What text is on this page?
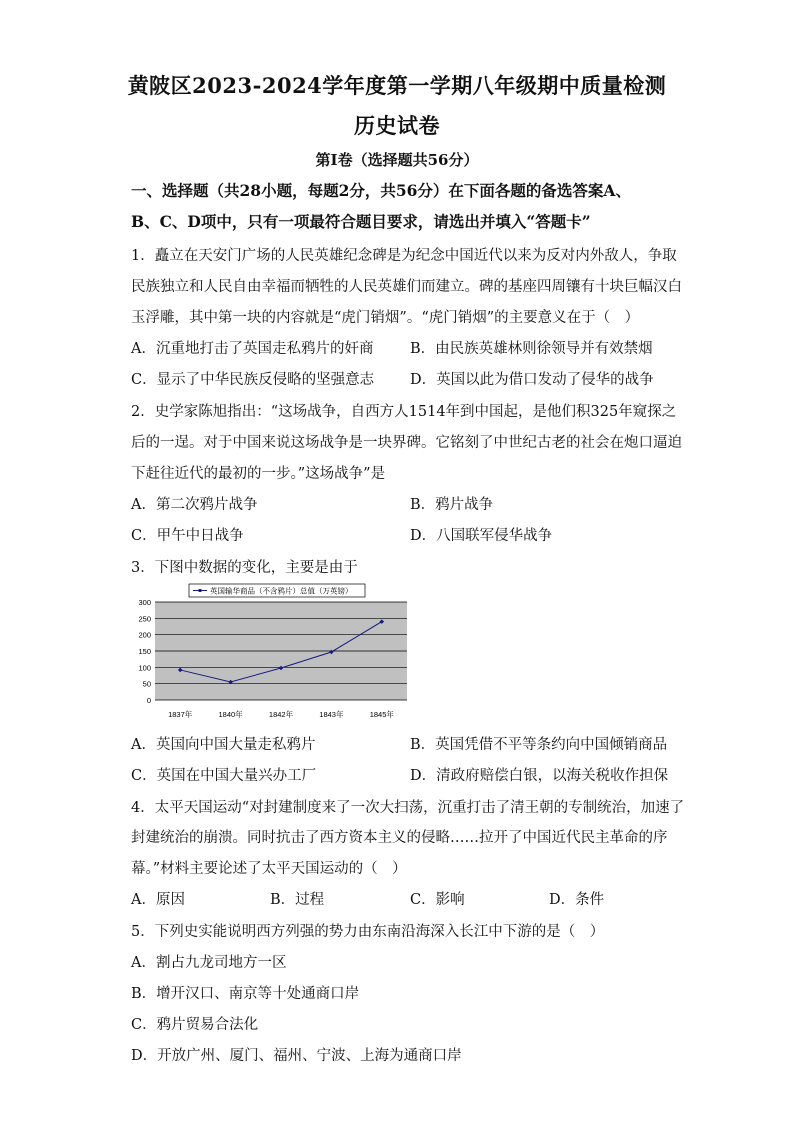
黄陂区2023-2024学年度第一学期八年级期中质量检测
历史试卷
第I卷（选择题共56分）
一、选择题（共28小题，每题2分，共56分）在下面各题的备选答案A、
B、C、D项中，只有一项最符合题目要求，请选出并填入“答题卡”
1．矗立在天安门广场的人民英雄纪念碑是为纪念中国近代以来为反对内外敌人，争取
民族独立和人民自由幸福而牺牲的人民英雄们而建立。碑的基座四周镶有十块巨幅汉白
玉浮雕，其中第一块的内容就是“虎门销烟”。“虎门销烟”的主要意义在于（　）
A．沉重地打击了英国走私鸦片的奸商	B．由民族英雄林则徐领导并有效禁烟
C．显示了中华民族反侵略的坚强意志 D．英国以此为借口发动了侵华的战争
2．史学家陈旭指出：“这场战争，自西方人1514年到中国起，是他们积325年窥探之
后的一逞。对于中国来说这场战争是一块界碑。它铭刻了中世纪古老的社会在炮口逼迫
下赶往近代的最初的一步。”这场战争”是
A．第二次鸦片战争	B．鸦片战争
C．甲午中日战争	D．八国联军侵华战争
3．下图中数据的变化，主要是由于
300
250
200
150
100
50
0
1837年	1840年	1842年	1843年	1845年
英国输华商品（不含鸦片）总值（万英镑）
A．英国向中国大量走私鸦片	B．英国凭借不平等条约向中国倾销商品
C．英国在中国大量兴办工厂	D．清政府赔偿白银，以海关税收作担保
4．太平天国运动“对封建制度来了一次大扫荡，沉重打击了清王朝的专制统治，加速了
封建统治的崩溃。同时抗击了西方资本主义的侵略……拉开了中国近代民主革命的序
幕。”材料主要论述了太平天国运动的（　）
A．原因	B．过程	C．影响	D．条件
5．下列史实能说明西方列强的势力由东南沿海深入长江中下游的是（　）
A．割占九龙司地方一区
B．增开汉口、南京等十处通商口岸
C．鸦片贸易合法化
D．开放广州、厦门、福州、宁波、上海为通商口岸
